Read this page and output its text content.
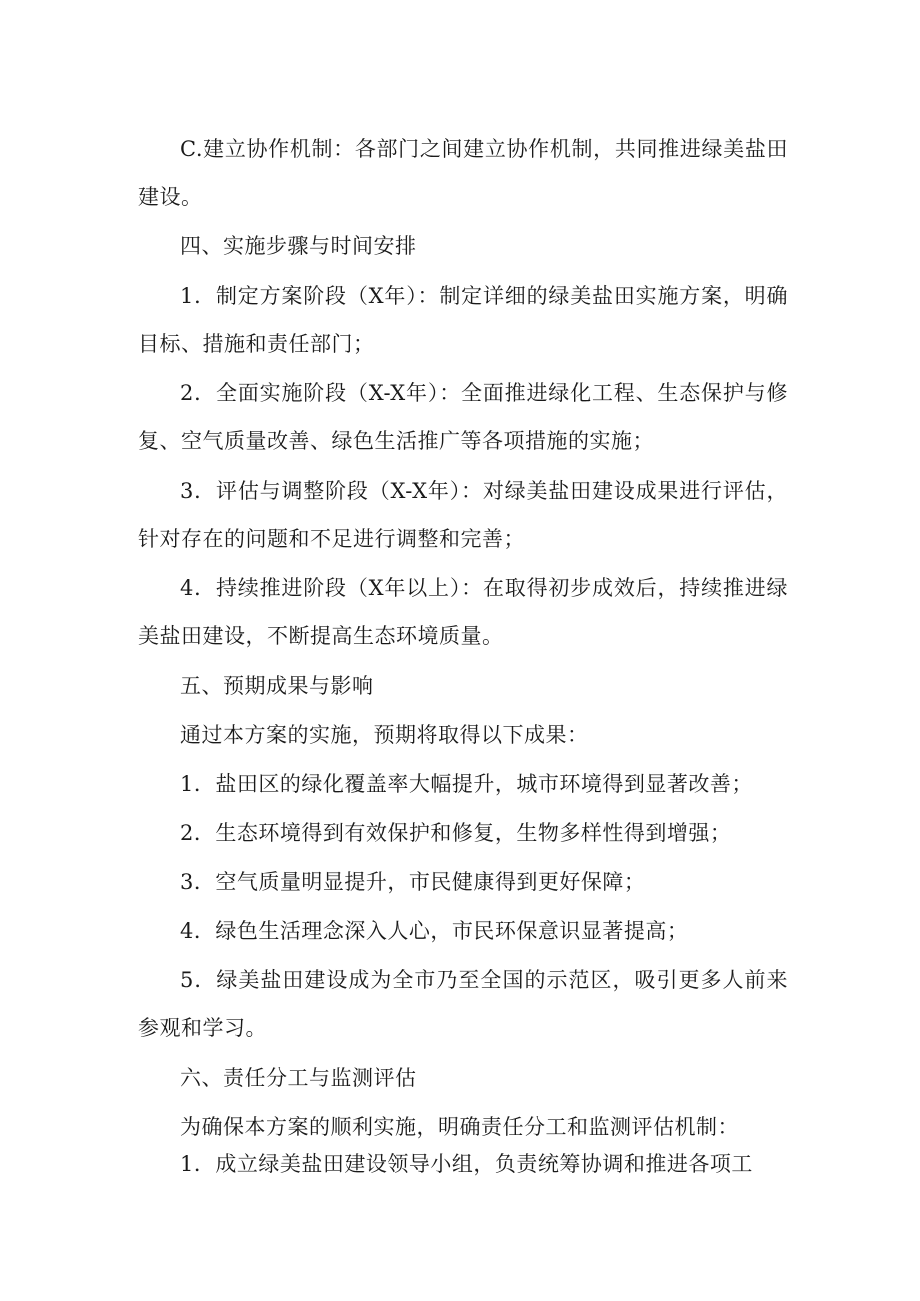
C.建立协作机制：各部门之间建立协作机制，共同推进绿美盐田建设。

四、实施步骤与时间安排

1．制定方案阶段（X年）：制定详细的绿美盐田实施方案，明确目标、措施和责任部门；

2．全面实施阶段（X-X年）：全面推进绿化工程、生态保护与修复、空气质量改善、绿色生活推广等各项措施的实施；

3．评估与调整阶段（X-X年）：对绿美盐田建设成果进行评估，针对存在的问题和不足进行调整和完善；

4．持续推进阶段（X年以上）：在取得初步成效后，持续推进绿美盐田建设，不断提高生态环境质量。

五、预期成果与影响

通过本方案的实施，预期将取得以下成果：

1．盐田区的绿化覆盖率大幅提升，城市环境得到显著改善；

2．生态环境得到有效保护和修复，生物多样性得到增强；

3．空气质量明显提升，市民健康得到更好保障；

4．绿色生活理念深入人心，市民环保意识显著提高；

5．绿美盐田建设成为全市乃至全国的示范区，吸引更多人前来参观和学习。

六、责任分工与监测评估

为确保本方案的顺利实施，明确责任分工和监测评估机制：

1．成立绿美盐田建设领导小组，负责统筹协调和推进各项工
